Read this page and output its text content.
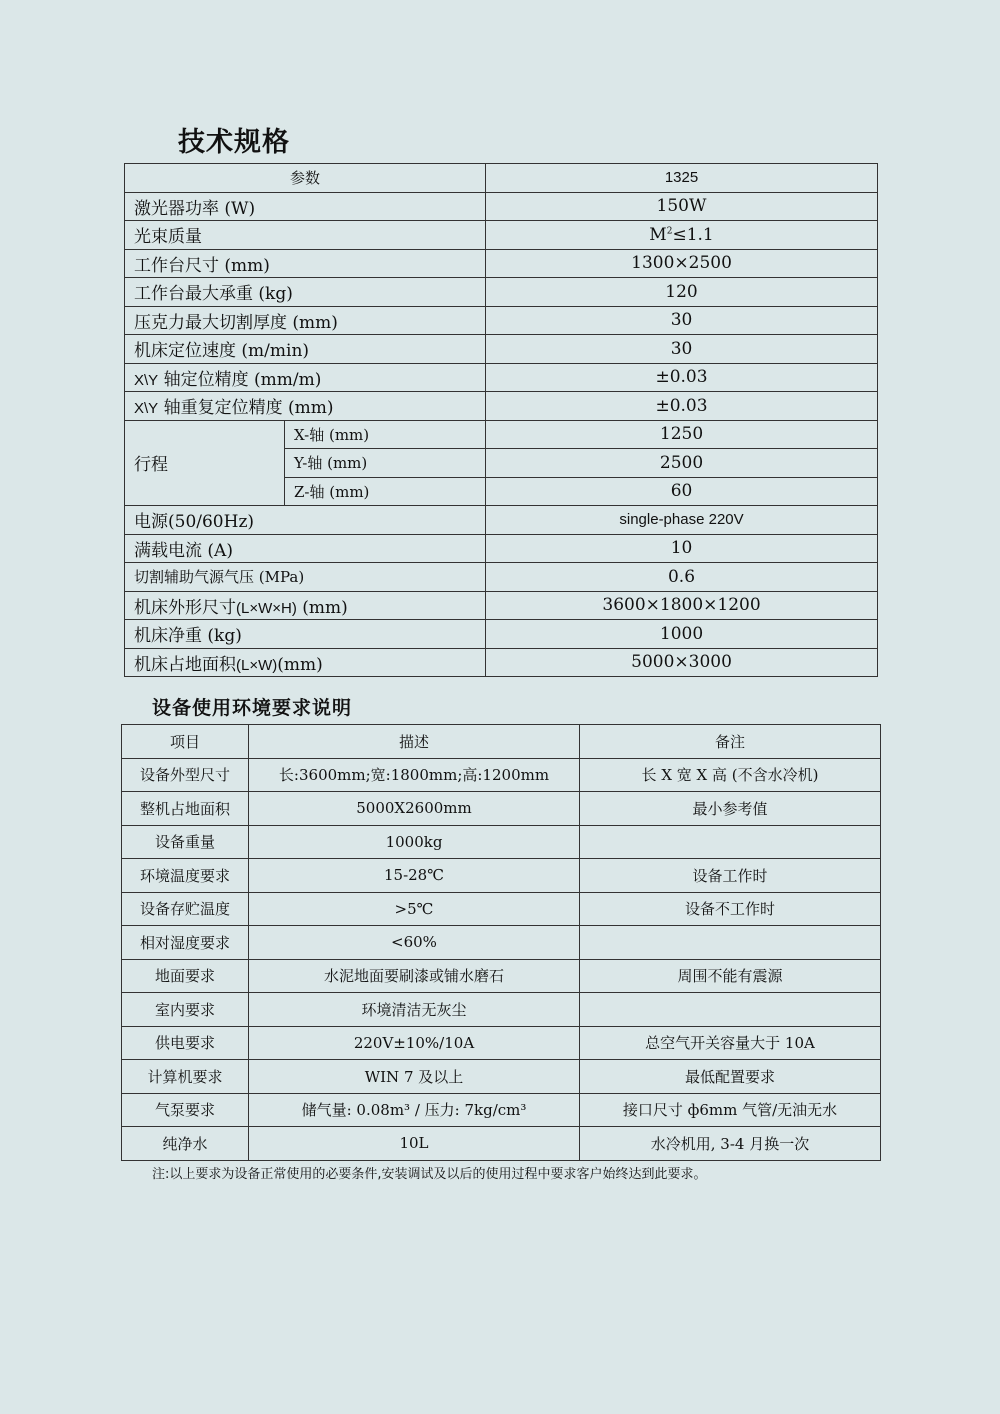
技术规格
参数		1325
激光器功率 (W)		150W
光束质量		$M^2\le 1.1$
工作台尺寸 (mm)		1300×2500
工作台最大承重 (kg)		120
压克力最大切割厚度 (mm)		30
机床定位速度 (m/min)		30
X\Y 轴定位精度 (mm/m)		±0.03
X\Y 轴重复定位精度 (mm)		±0.03
行程	X-轴 (mm)	1250
	Y-轴 (mm)	2500
	Z-轴 (mm)	60
电源(50/60Hz)		single-phase 220V
满载电流 (A)		10
切割辅助气源气压 (MPa)		0.6
机床外形尺寸(L×W×H) (mm)		3600×1800×1200
机床净重 (kg)		1000
机床占地面积(L×W)(mm)		5000×3000
设备使用环境要求说明
项目	描述	备注
设备外型尺寸	长:3600mm;宽:1800mm;高:1200mm	长 X 宽 X 高 (不含水冷机)
整机占地面积	5000X2600mm	最小参考值
设备重量	1000kg	
环境温度要求	15-28℃	设备工作时
设备存贮温度	>5℃	设备不工作时
相对湿度要求	<60%	
地面要求	水泥地面要刷漆或铺水磨石	周围不能有震源
室内要求	环境清洁无灰尘	
供电要求	220V±10%/10A	总空气开关容量大于 10A
计算机要求	WIN 7 及以上	最低配置要求
气泵要求	储气量: 0.08m³ / 压力: 7kg/cm³	接口尺寸 ф6mm 气管/无油无水
纯净水	10L	水冷机用, 3-4 月换一次
注:以上要求为设备正常使用的必要条件,安装调试及以后的使用过程中要求客户始终达到此要求。
